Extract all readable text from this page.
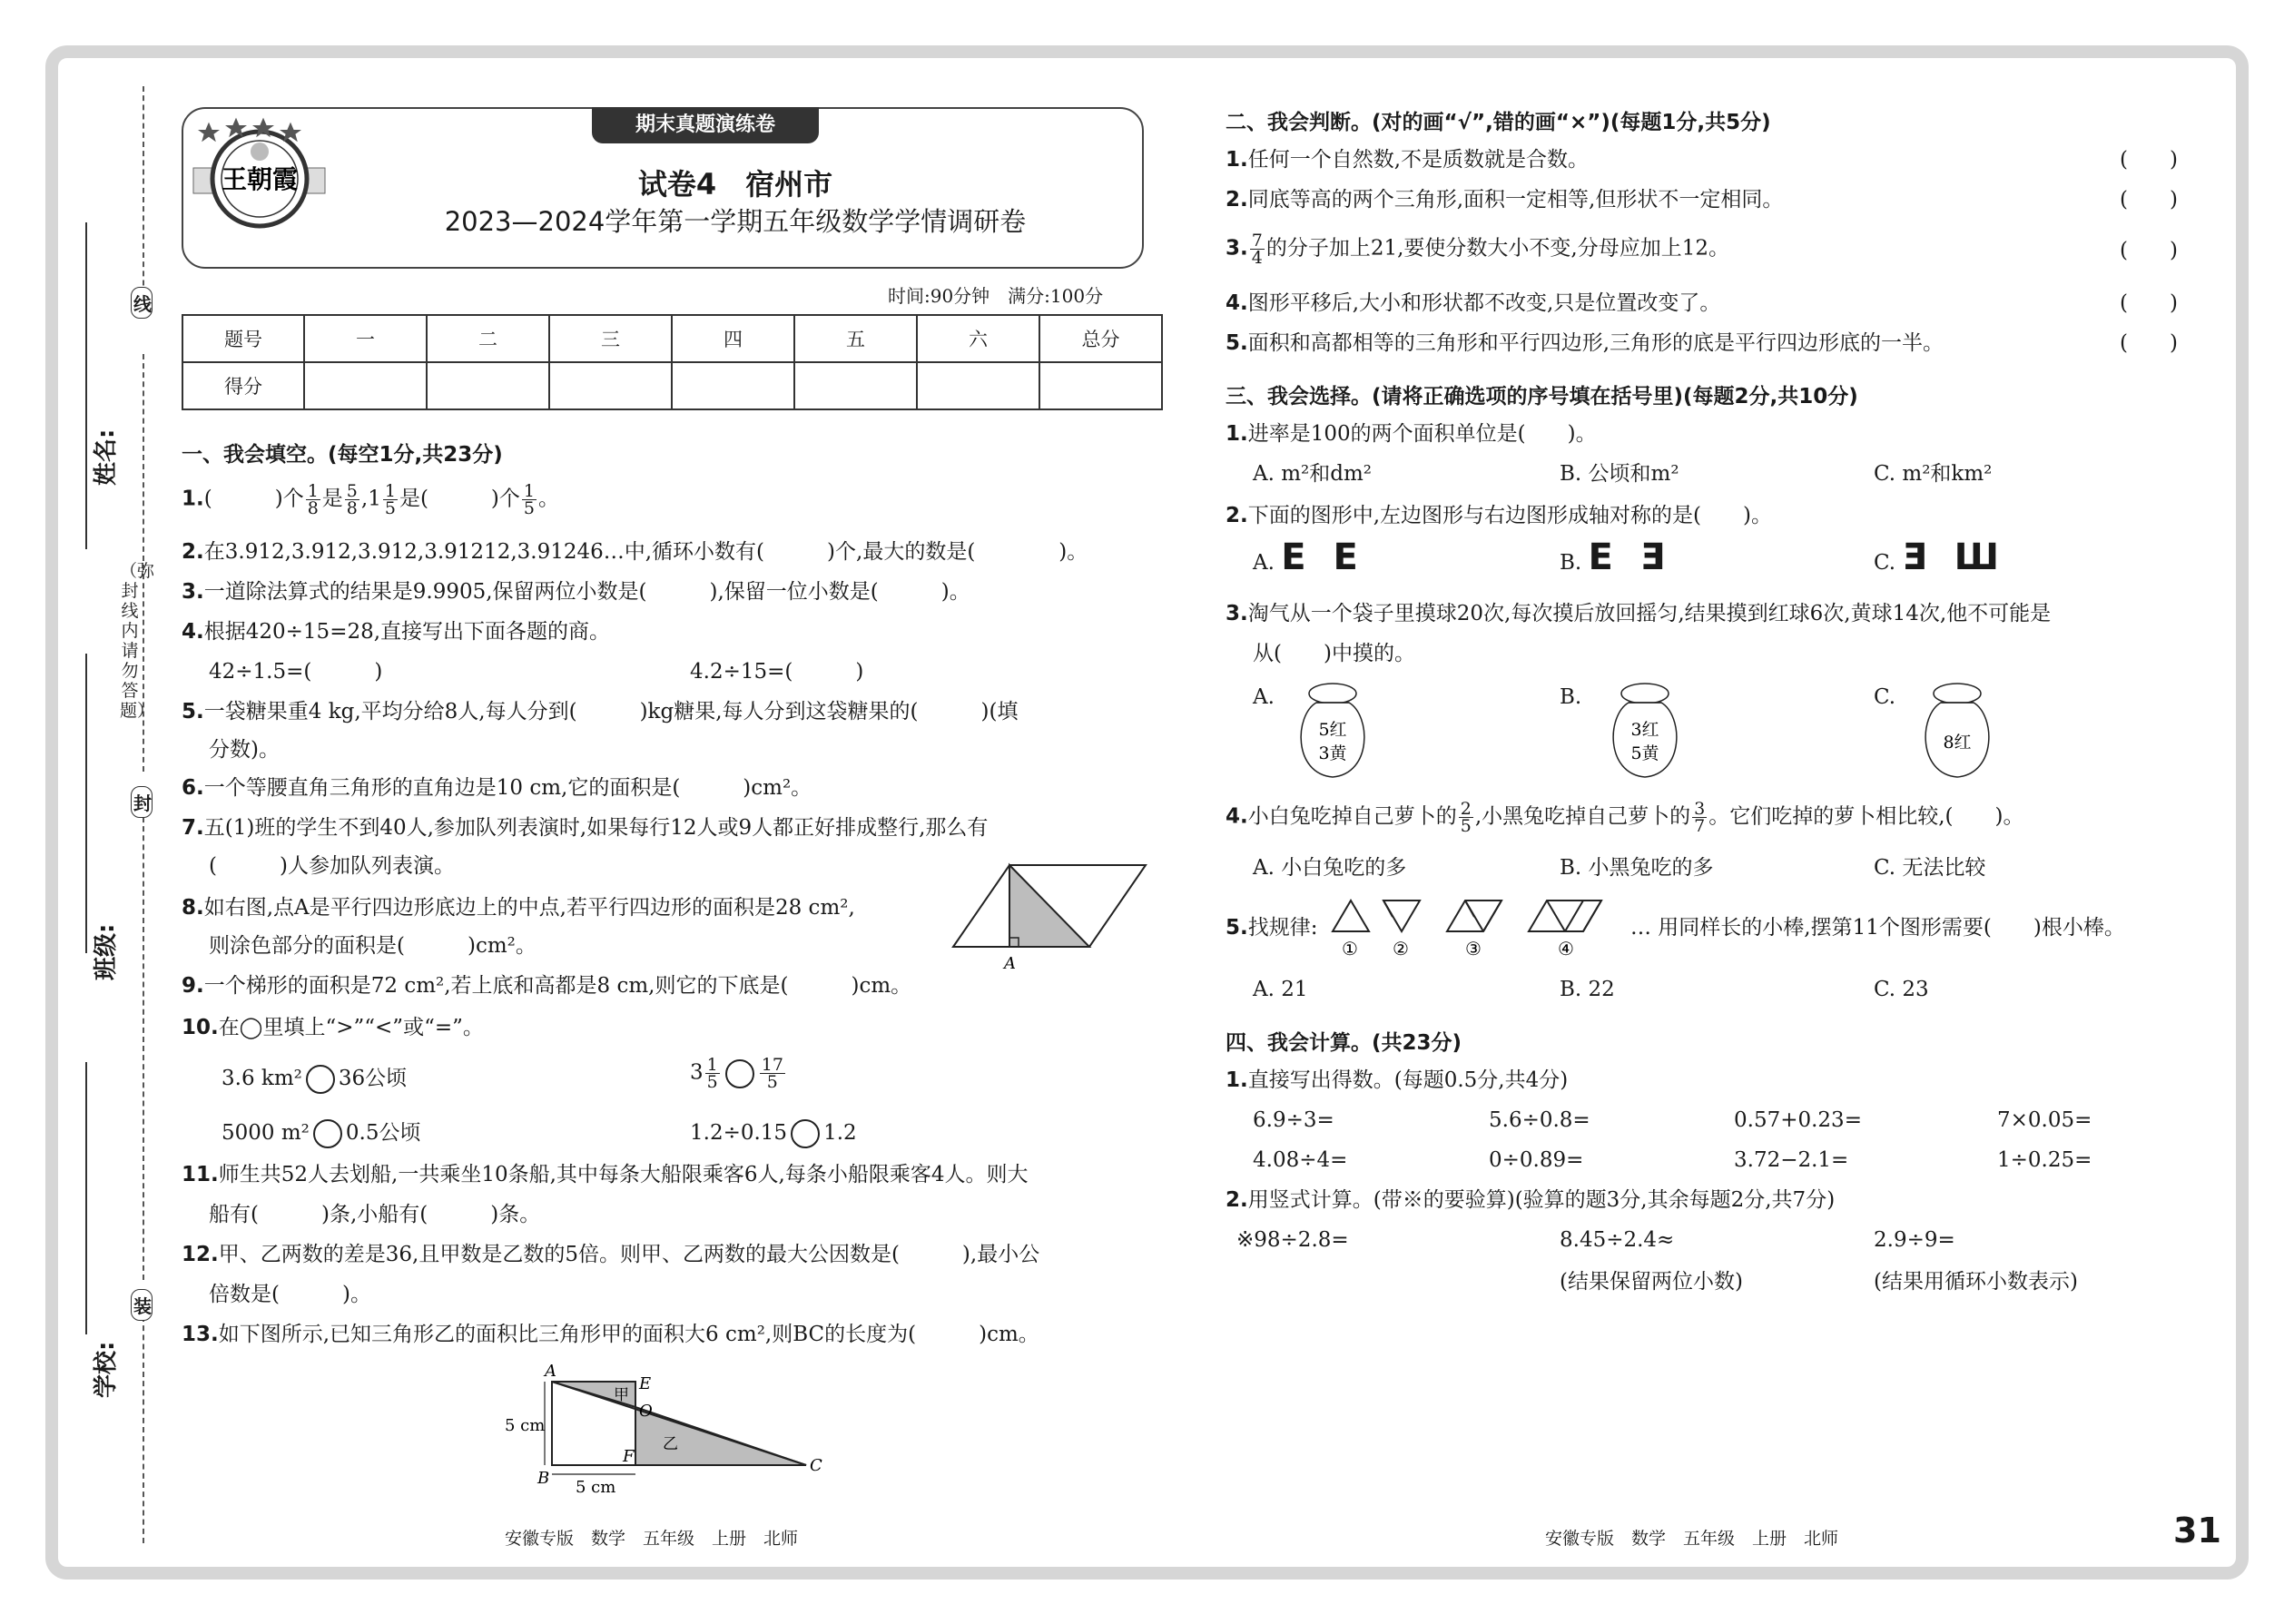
线
封
装
（弥封线内请勿答题）
姓名:
班级:
学校:
期末真题演练卷
王朝霞	试卷4　宿州市
2023—2024学年第一学期五年级数学学情调研卷
时间:90分钟　满分:100分
题号	一	二	三	四	五	六	总分
得分							
一、我会填空。(每空1分,共23分)
1.(　　　)个 $\frac{1}{8}$ 是 $\frac{5}{8} ,1 \frac{1}{5}$ 是(　　　)个 $\frac{1}{5}$ 。
2.在3.912,3.912,3.912,3.91212,3.91246…中,循环小数有(　　　)个,最大的数是(　　　　)。
3.一道除法算式的结果是9.9905,保留两位小数是(　　　),保留一位小数是(　　　)。
4.根据420÷15=28,直接写出下面各题的商。
42÷1.5=(　　　)	4.2÷15=(　　　)
5.一袋糖果重4 kg,平均分给8人,每人分到(　　　)kg糖果,每人分到这袋糖果的(　　　)(填
分数)。
6.一个等腰直角三角形的直角边是10 cm,它的面积是(　　　)cm²。
7.五(1)班的学生不到40人,参加队列表演时,如果每行12人或9人都正好排成整行,那么有
(　　　)人参加队列表演。
8.如右图,点A是平行四边形底边上的中点,若平行四边形的面积是28 cm²,
则涂色部分的面积是(　　　)cm²。
A
9.一个梯形的面积是72 cm²,若上底和高都是8 cm,则它的下底是(　　　)cm。
10.在◯里填上“>”“<”或“=”。
3.6 km² 36公顷	$3 \frac{1}{5} \frac{17}{5}$
5000 m² 0.5公顷	1.2÷0.15 1.2
11.师生共52人去划船,一共乘坐10条船,其中每条大船限乘客6人,每条小船限乘客4人。则大
船有(　　　)条,小船有(　　　)条。
12.甲、乙两数的差是36,且甲数是乙数的5倍。则甲、乙两数的最大公因数是(　　　),最小公
倍数是(　　　)。
13.如下图所示,已知三角形乙的面积比三角形甲的面积大6 cm²,则BC的长度为(　　　)cm。
A
B
C
E
O
F
甲
乙
5 cm
5 cm
安徽专版　数学　五年级　上册　北师
二、我会判断。(对的画“√”,错的画“×”)(每题1分,共5分)
1.任何一个自然数,不是质数就是合数。	(　　)
2.同底等高的两个三角形,面积一定相等,但形状不一定相同。	(　　)
3. $\frac{7}{4}$ 的分子加上21,要使分数大小不变,分母应加上12。	(　　)
4.图形平移后,大小和形状都不改变,只是位置改变了。	(　　)
5.面积和高都相等的三角形和平行四边形,三角形的底是平行四边形底的一半。	(　　)
三、我会选择。(请将正确选项的序号填在括号里)(每题2分,共10分)
1.进率是100的两个面积单位是(　　)。
A. m²和dm²	B. 公顷和m²	C. m²和km²
2.下面的图形中,左边图形与右边图形成轴对称的是(　　)。
A. E E	B. E Ǝ	C. Ǝ Ш
3.淘气从一个袋子里摸球20次,每次摸后放回摇匀,结果摸到红球6次,黄球14次,他不可能是
从(　　)中摸的。
A.	B.	C.
5红
3黄
3红
5黄
8红
4.小白兔吃掉自己萝卜的 $\frac{2}{5}$ ,小黑兔吃掉自己萝卜的 $\frac{3}{7}$ 。它们吃掉的萝卜相比较,(　　)。
A. 小白兔吃的多	B. 小黑兔吃的多	C. 无法比较
5.找规律:
① ②	③	④
… 用同样长的小棒,摆第11个图形需要(　　)根小棒。
A. 21	B. 22	C. 23
四、我会计算。(共23分)
1.直接写出得数。(每题0.5分,共4分)
6.9÷3=	5.6÷0.8=	0.57+0.23=	7×0.05=
4.08÷4=	0÷0.89=	3.72−2.1=	1÷0.25=
2.用竖式计算。(带※的要验算)(验算的题3分,其余每题2分,共7分)
※98÷2.8=	8.45÷2.4≈	2.9÷9=
(结果保留两位小数)	(结果用循环小数表示)
安徽专版　数学　五年级　上册　北师	31
